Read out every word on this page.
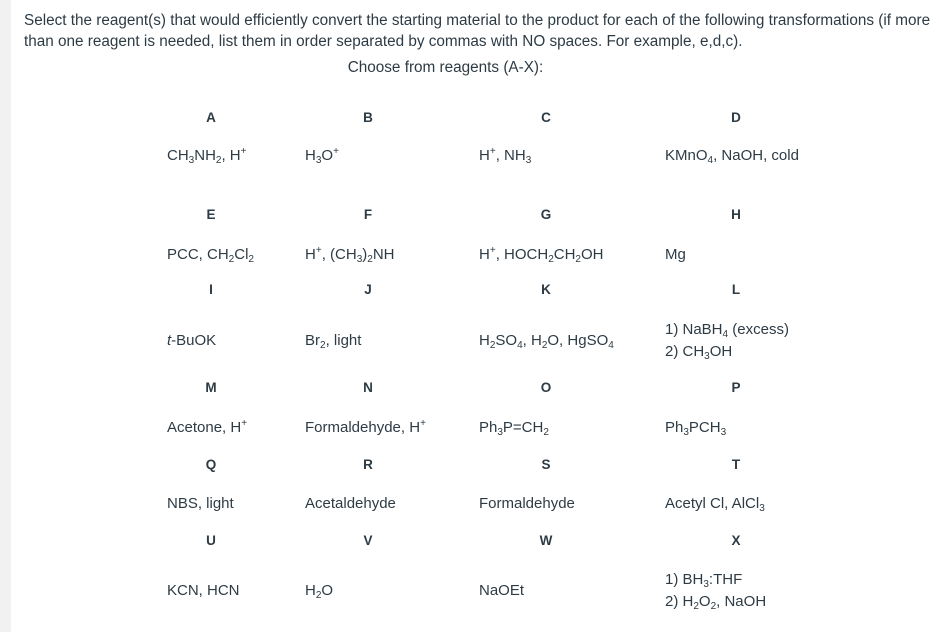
Select the reagent(s) that would efficiently convert the starting material to the product for each of the following transformations (if more than one reagent is needed, list them in order separated by commas with NO spaces. For example, e,d,c).
Choose from reagents (A-X):
A
$CH_3NH_2$, H+
B
$H_3O^+$
C
H+, $NH_3$
D
KMnO$_4$, NaOH, cold
E
PCC, $CH_2Cl_2$
F
H+, $(CH_3)_2NH$
G
H+, $HOCH_2CH_2OH$
H
Mg
I
t-BuOK
J
$Br_2$, light
K
$H_2SO_4$, $H_2O$, HgSO$_4$
L
1) NaBH$_4$ (excess)
2) $CH_3OH$
M
Acetone, H+
N
Formaldehyde, H+
O
$Ph_3P=CH_2$
P
$Ph_3PCH_3$
Q
NBS, light
R
Acetaldehyde
S
Formaldehyde
T
Acetyl Cl, AlCl$_3$
U
KCN, HCN
V
$H_2O$
W
NaOEt
X
1) $BH_3:THF$
2) $H_2O_2$, NaOH
